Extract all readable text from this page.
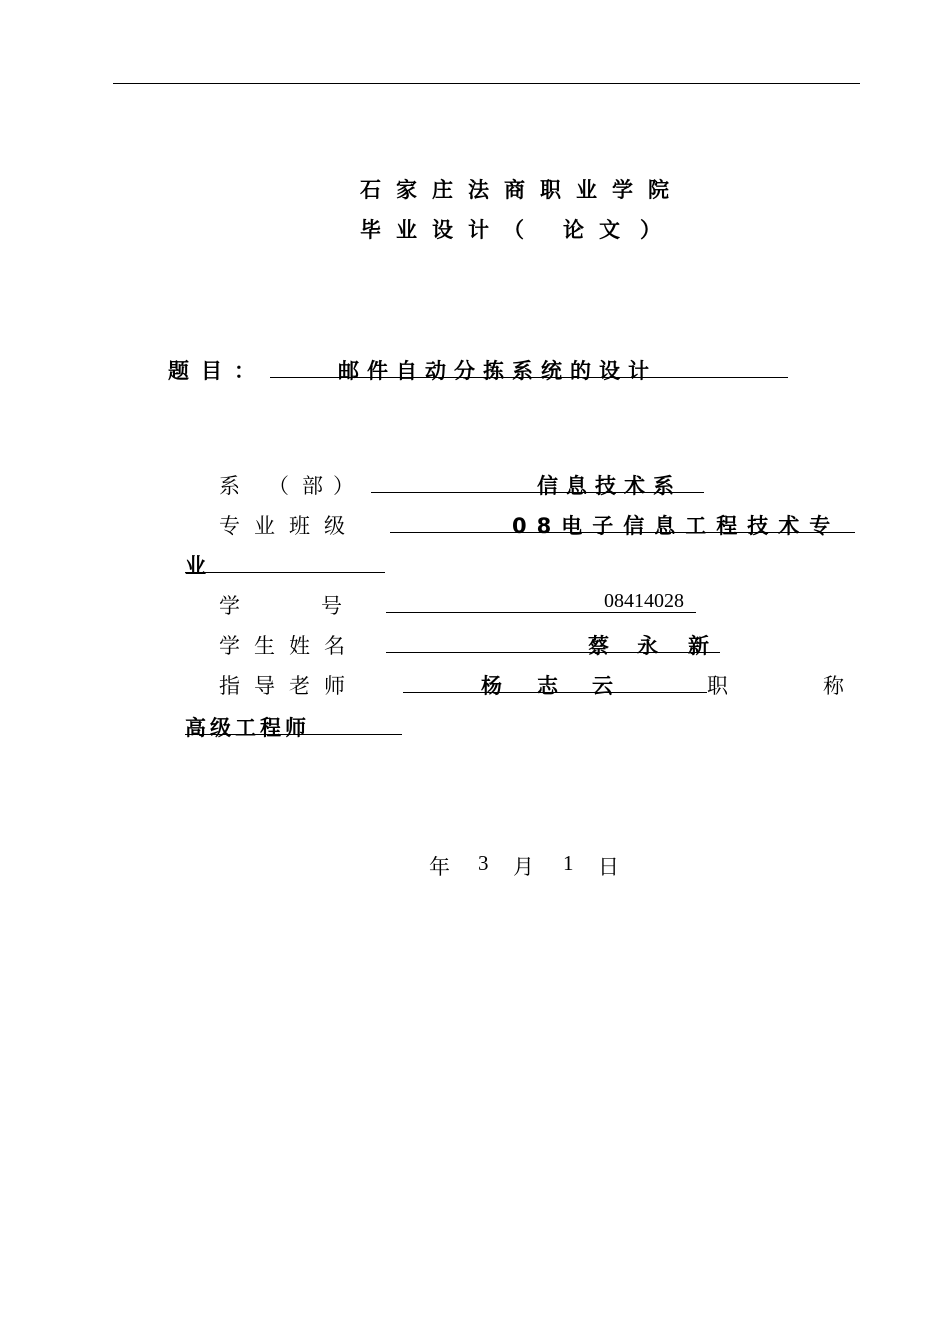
石家庄法商职业学院
毕业设计 （ 论文 ）
题目：	邮件自动分拣系统的设计
系 （ 部 ）	信息技术系
专业班级	08电子信息工程技术专
业
学	号	08414028
学生姓名	蔡 永 新
指导老师	杨 志 云	职	称
高级工程师
年 3 月 1 日
